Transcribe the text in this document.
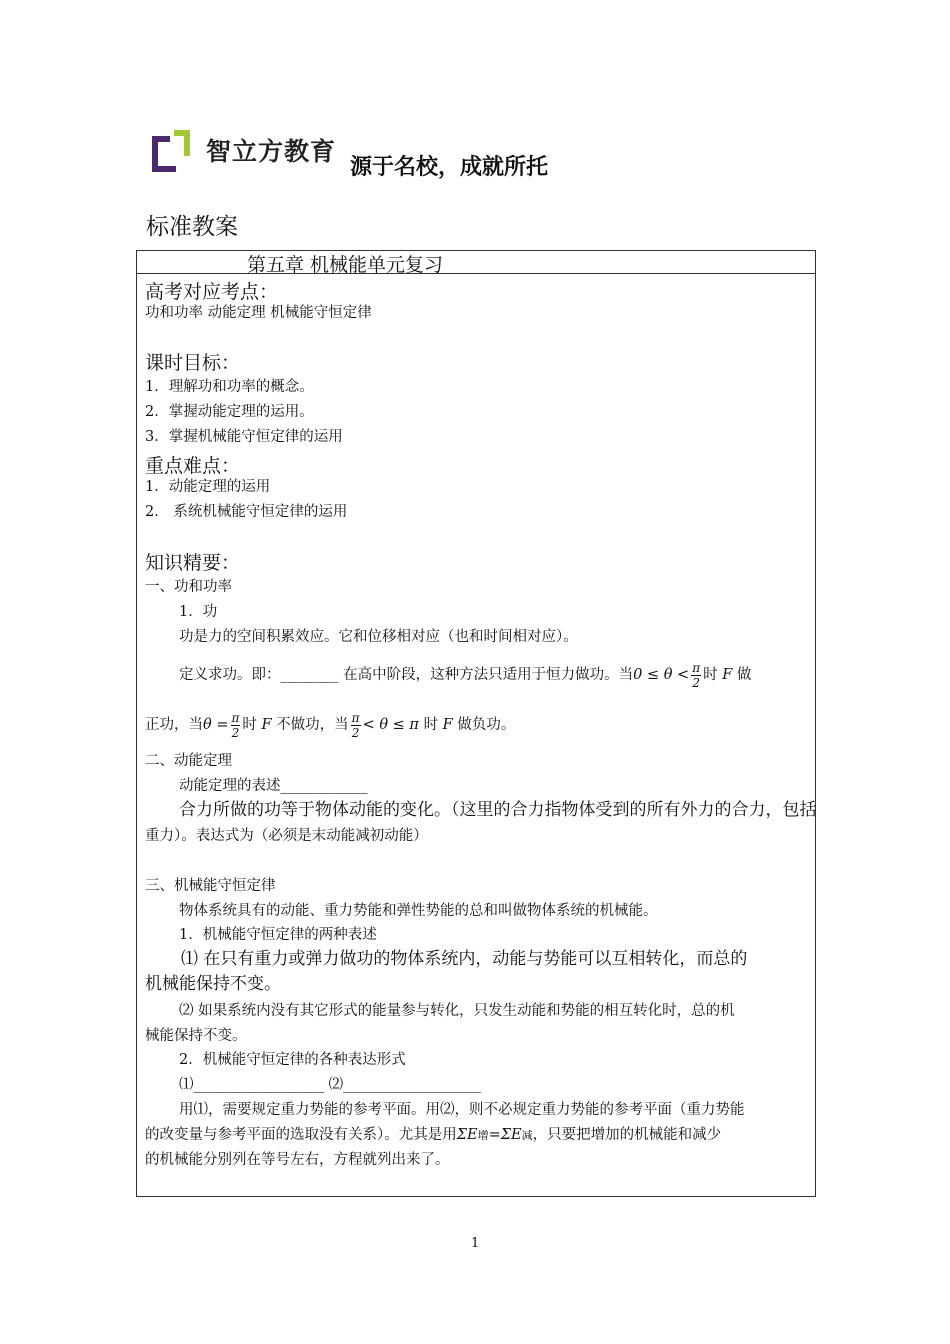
智立方教育
源于名校，成就所托
标准教案
第五章 机械能单元复习
高考对应考点：
功和功率 动能定理 机械能守恒定律
课时目标：
1．理解功和功率的概念。
2．掌握动能定理的运用。
3．掌握机械能守恒定律的运用
重点难点：
1．动能定理的运用
2． 系统机械能守恒定律的运用
知识精要：
一、功和功率
1．功
功是力的空间积累效应。它和位移相对应（也和时间相对应）。
定义求功。即：________ 在高中阶段，这种方法只适用于恒力做功。当$0 \le \theta < \frac{\pi}{2}$ 时 F 做
正功，当$\theta = \frac{\pi}{2}$ 时 F 不做功，当 $\frac{\pi}{2} < \theta \le \pi$ 时 F 做负功。
二、动能定理
动能定理的表述____________
合力所做的功等于物体动能的变化。（这里的合力指物体受到的所有外力的合力，包括
重力）。表达式为（必须是末动能减初动能）
三、机械能守恒定律
物体系统具有的动能、重力势能和弹性势能的总和叫做物体系统的机械能。
1．机械能守恒定律的两种表述
⑴ 在只有重力或弹力做功的物体系统内，动能与势能可以互相转化，而总的
机械能保持不变。
⑵ 如果系统内没有其它形式的能量参与转化，只发生动能和势能的相互转化时，总的机
械能保持不变。
2．机械能守恒定律的各种表达形式
⑴__________________ ⑵___________________
用⑴，需要规定重力势能的参考平面。用⑵，则不必规定重力势能的参考平面（重力势能
的改变量与参考平面的选取没有关系）。尤其是用ΣE增=ΣE减，只要把增加的机械能和减少
的机械能分别列在等号左右，方程就列出来了。
1
